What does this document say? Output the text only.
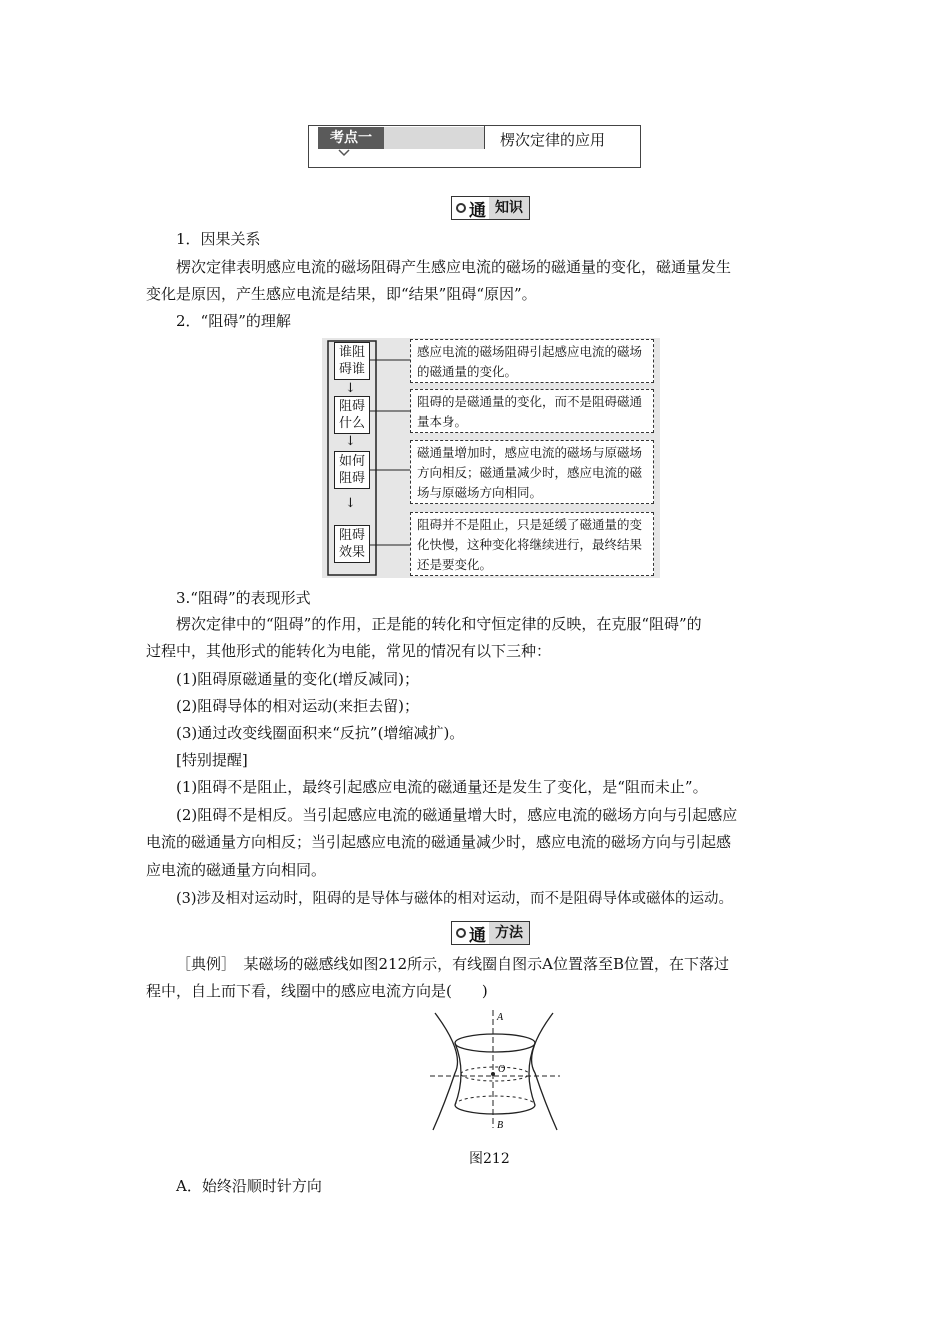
考点一	楞次定律的应用
通 知识
1．因果关系
楞次定律表明感应电流的磁场阻碍产生感应电流的磁场的磁通量的变化，磁通量发生
变化是原因，产生感应电流是结果，即“结果”阻碍“原因”。
2．“阻碍”的理解
谁阻
碍谁
↓
阻碍
什么
↓
如何
阻碍
↓
阻碍
效果
感应电流的磁场阻碍引起感应电流的磁场的磁通量的变化。
阻碍的是磁通量的变化，而不是阻碍磁通量本身。
磁通量增加时，感应电流的磁场与原磁场方向相反；磁通量减少时，感应电流的磁场与原磁场方向相同。
阻碍并不是阻止，只是延缓了磁通量的变化快慢，这种变化将继续进行，最终结果还是要变化。
3.“阻碍”的表现形式
楞次定律中的“阻碍”的作用，正是能的转化和守恒定律的反映，在克服“阻碍”的
过程中，其他形式的能转化为电能，常见的情况有以下三种：
(1)阻碍原磁通量的变化(增反减同)；
(2)阻碍导体的相对运动(来拒去留)；
(3)通过改变线圈面积来“反抗”(增缩减扩)。
[特别提醒]
(1)阻碍不是阻止，最终引起感应电流的磁通量还是发生了变化，是“阻而未止”。
(2)阻碍不是相反。当引起感应电流的磁通量增大时，感应电流的磁场方向与引起感应
电流的磁通量方向相反；当引起感应电流的磁通量减少时，感应电流的磁场方向与引起感
应电流的磁通量方向相同。
(3)涉及相对运动时，阻碍的是导体与磁体的相对运动，而不是阻碍导体或磁体的运动。
通 方法
［典例］　某磁场的磁感线如图212所示，有线圈自图示A位置落至B位置，在下落过
程中，自上而下看，线圈中的感应电流方向是(　　)
A
O
B
图212
A．始终沿顺时针方向
